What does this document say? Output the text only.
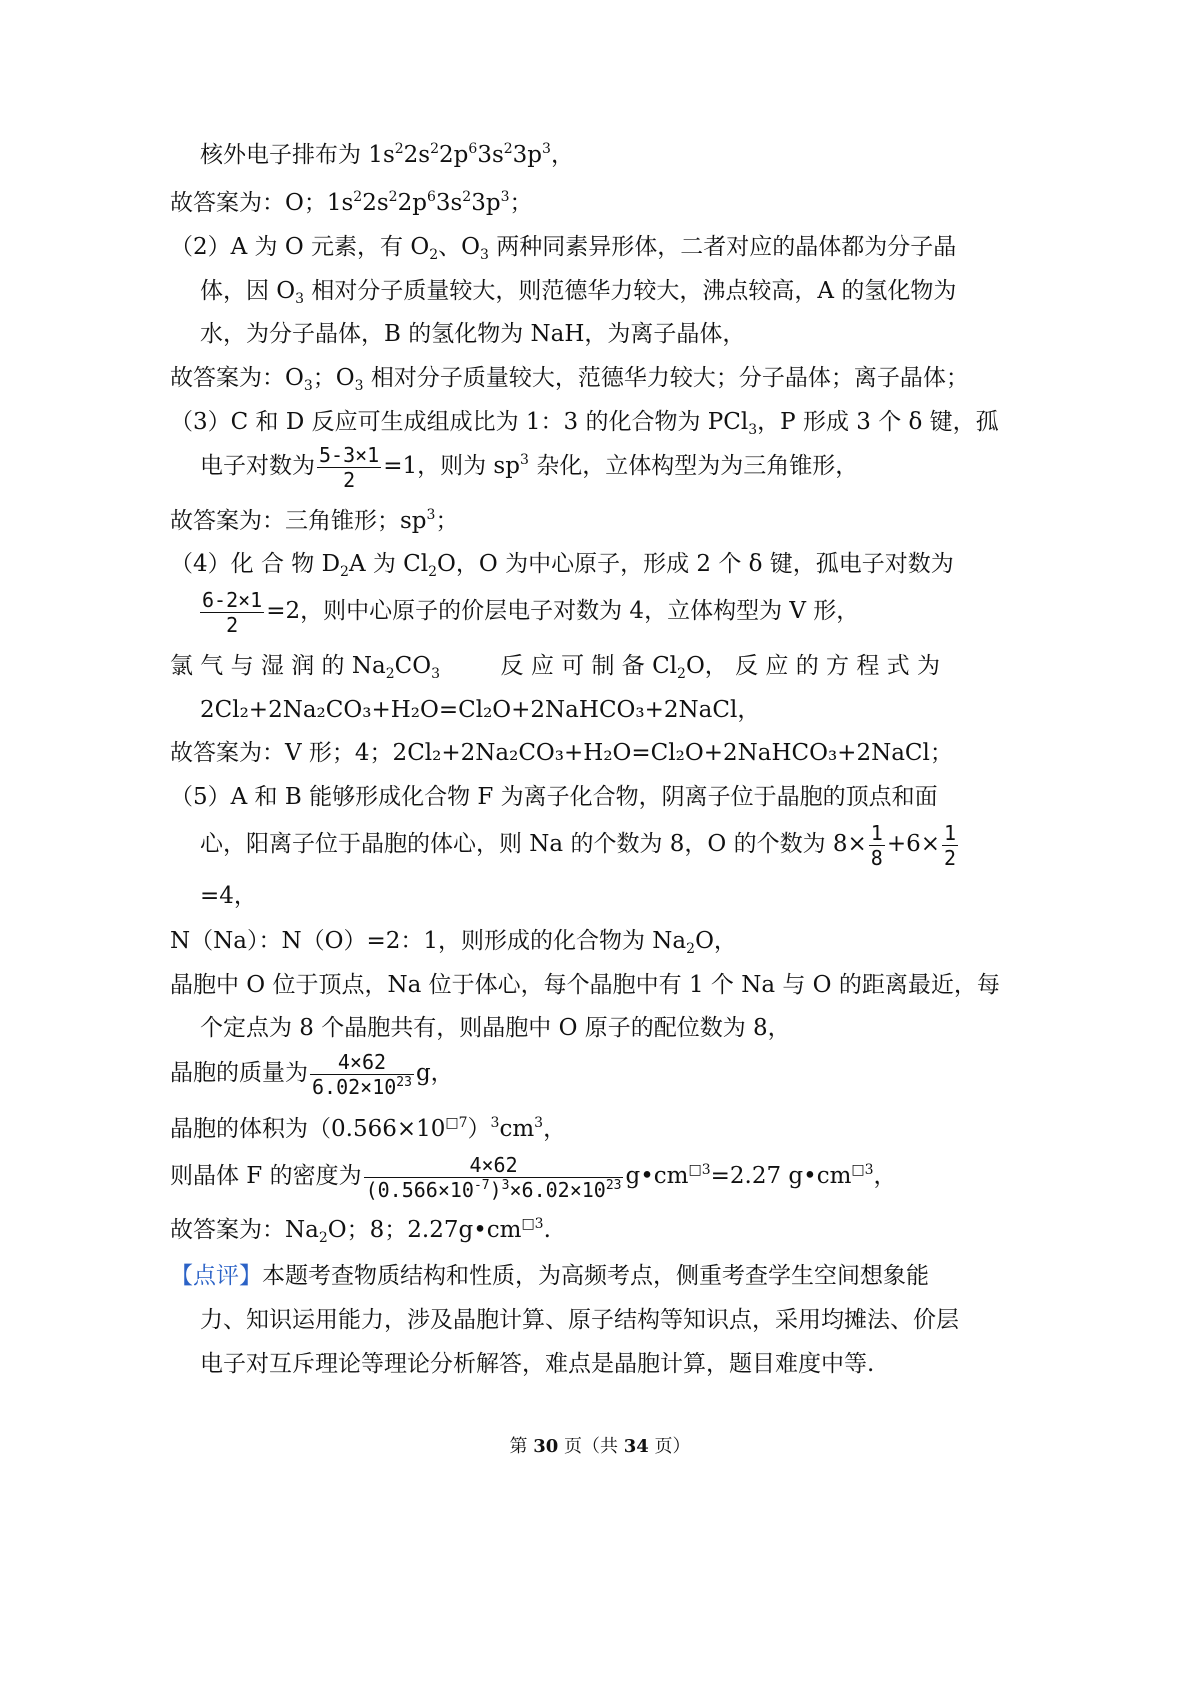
核外电子排布为 $1s^22s^22p^63s^23p^3$，
故答案为：O；$1s^22s^22p^63s^23p^3$；
（2）A 为 O 元素，有 $O_2$、$O_3$ 两种同素异形体，二者对应的晶体都为分子晶
体，因 $O_3$ 相对分子质量较大，则范德华力较大，沸点较高，A 的氢化物为
水，为分子晶体，B 的氢化物为 NaH，为离子晶体，
故答案为：$O_3$；$O_3$ 相对分子质量较大，范德华力较大；分子晶体；离子晶体；
（3）C 和 D 反应可生成组成比为 1：3 的化合物为 PCl$_3$，P 形成 3 个 δ 键，孤
电子对数为 $\frac{5-3\times 1}{2} =1$，则为 $sp^3$ 杂化，立体构型为为三角锥形，
故答案为：三角锥形；$sp^3$；
（4）化 合 物 $D_2A$ 为 $Cl_2O$，O 为中心原子，形成 2 个 δ 键，孤电子对数为
$\frac{6-2\times 1}{2} =2$，则中心原子的价层电子对数为 4，立体构型为 V 形，
氯 气 与 湿 润 的 $Na_2CO_3$	反 应 可 制 备 $Cl_2O$， 反 应 的 方 程 式 为
2Cl₂+2Na₂CO₃+H₂O=Cl₂O+2NaHCO₃+2NaCl，
故答案为：V 形；4；2Cl₂+2Na₂CO₃+H₂O=Cl₂O+2NaHCO₃+2NaCl；
（5）A 和 B 能够形成化合物 F 为离子化合物，阴离子位于晶胞的顶点和面
心，阳离子位于晶胞的体心，则 Na 的个数为 8，O 的个数为 $8\times \frac{1}{8} +6\times \frac{1}{2}$
=4，
N（Na）：N（O）=2：1，则形成的化合物为 $Na_2O$，
晶胞中 O 位于顶点，Na 位于体心，每个晶胞中有 1 个 Na 与 O 的距离最近，每
个定点为 8 个晶胞共有，则晶胞中 O 原子的配位数为 8，
晶胞的质量为 $\frac{4\times 62}{6.02\times 10^{23}}$ g，
晶胞的体积为$(0.566\times 10^{□7})^3cm^3$，
则晶体 F 的密度为 $\frac{4\times 62}{(0.566\times 10^{-7})^3\times 6.02\times 10^{23}}$ $g•cm^{□3}=2.27$ $g•cm^{□3}$，
故答案为：$Na_2O$；8；$2.27g•cm^{□3}$.
【点评】本题考查物质结构和性质，为高频考点，侧重考查学生空间想象能
力、知识运用能力，涉及晶胞计算、原子结构等知识点，采用均摊法、价层
电子对互斥理论等理论分析解答，难点是晶胞计算，题目难度中等.
第 30 页（共 34 页）
